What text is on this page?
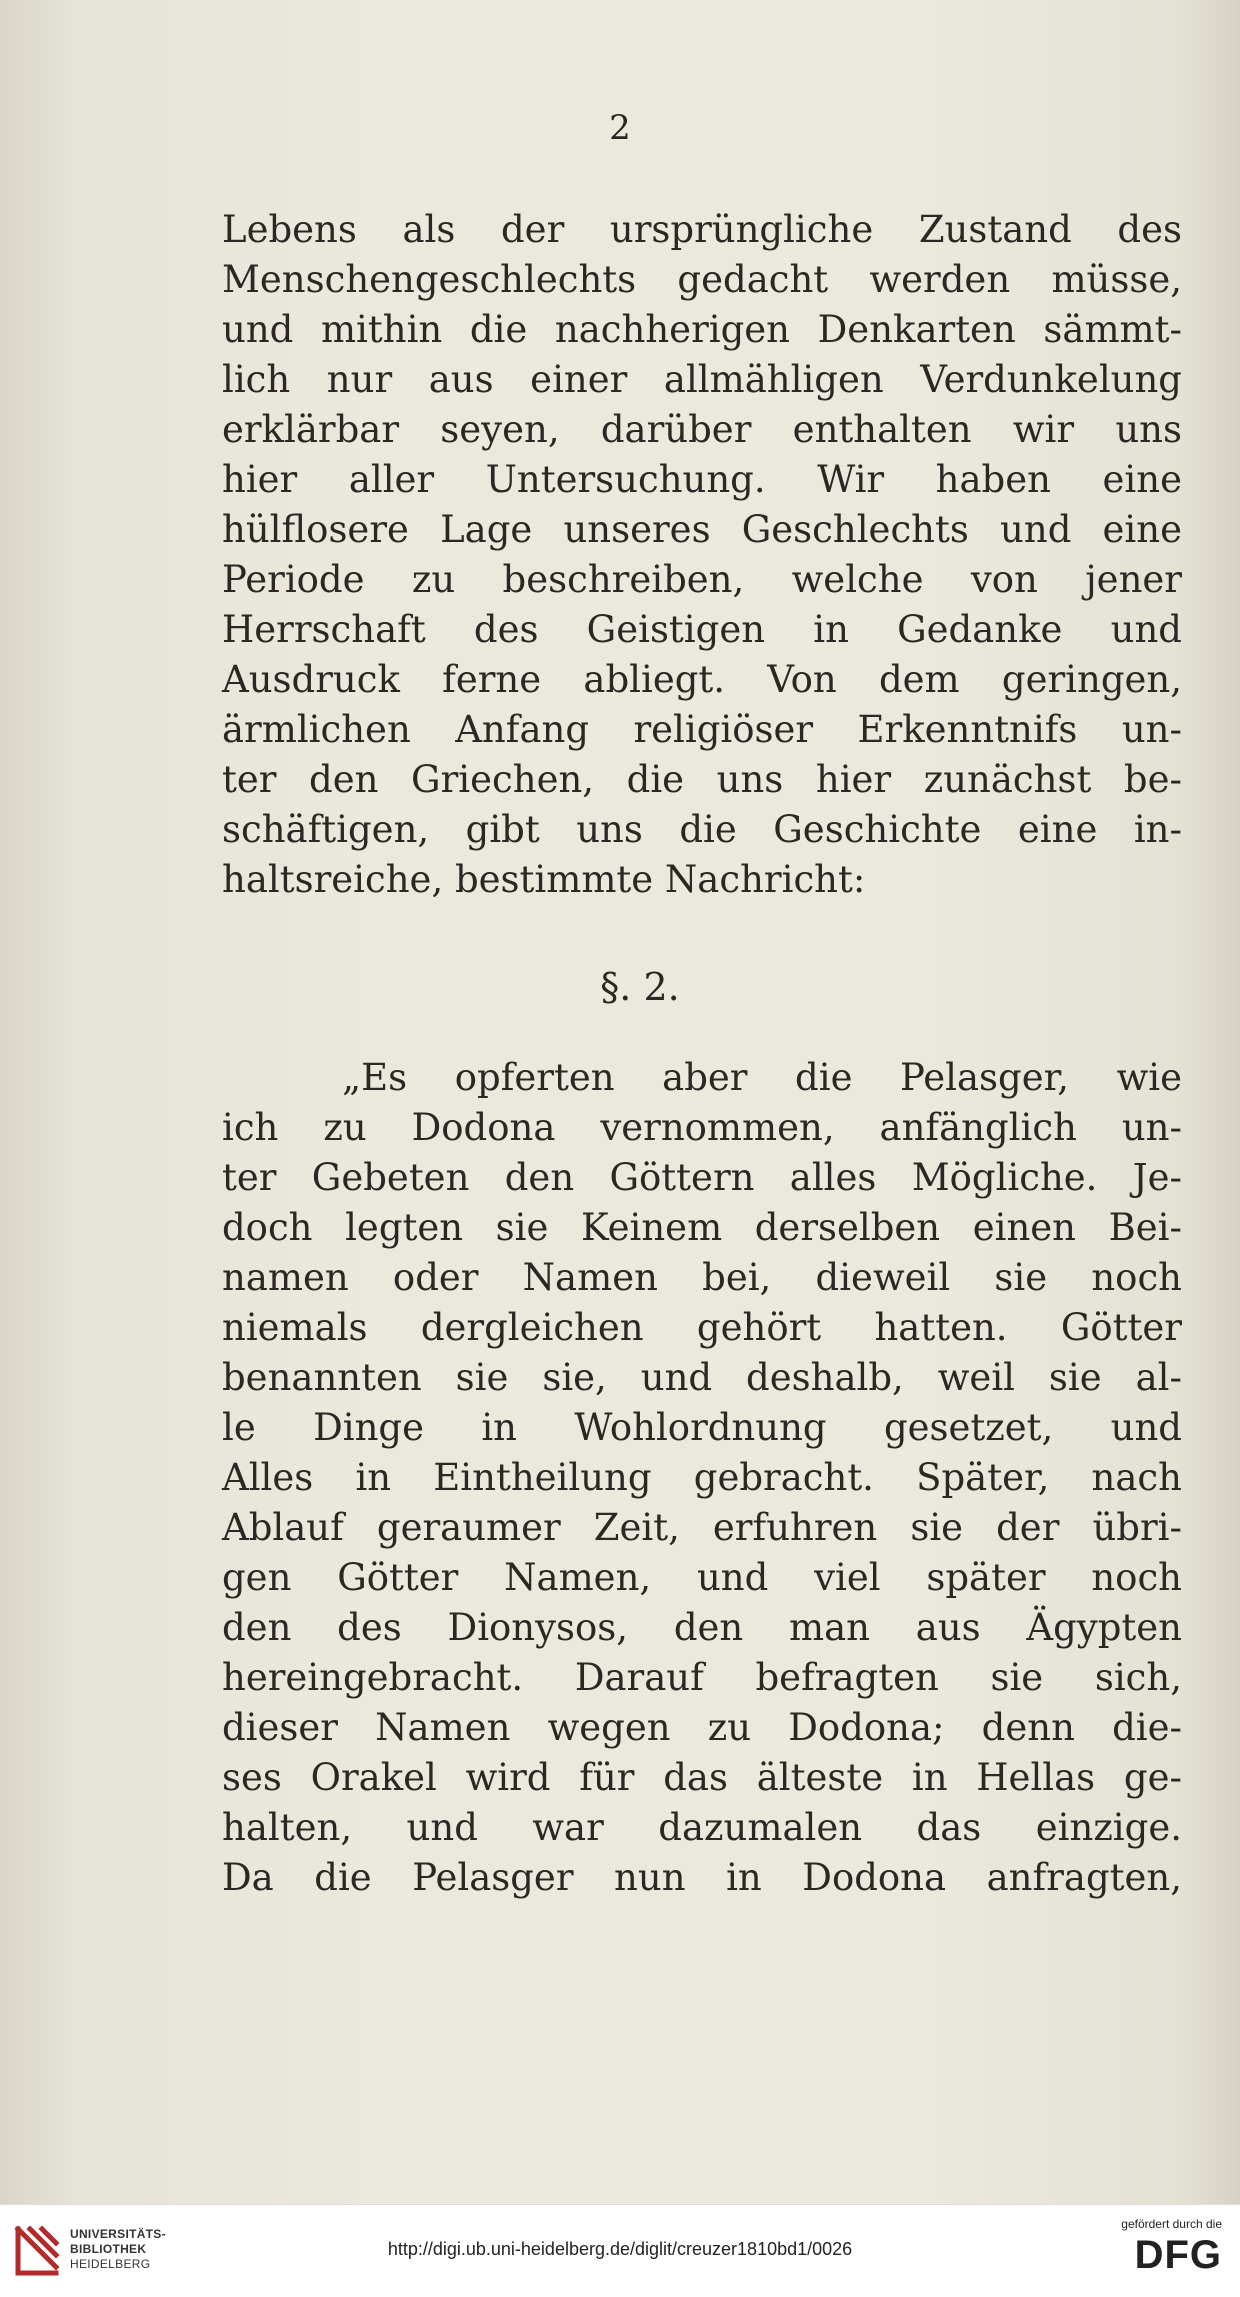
2
Lebens als der ursprüngliche Zustand des
Menschengeschlechts gedacht werden müsse,
und mithin die nachherigen Denkarten sämmt-
lich nur aus einer allmähligen Verdunkelung
erklärbar seyen, darüber enthalten wir uns
hier aller Untersuchung. Wir haben eine
hülflosere Lage unseres Geschlechts und eine
Periode zu beschreiben, welche von jener
Herrschaft des Geistigen in Gedanke und
Ausdruck ferne abliegt. Von dem geringen,
ärmlichen Anfang religiöser Erkenntnifs un-
ter den Griechen, die uns hier zunächst be-
schäftigen, gibt uns die Geschichte eine in-
haltsreiche, bestimmte Nachricht:
§. 2.
„Es opferten aber die Pelasger, wie
ich zu Dodona vernommen, anfänglich un-
ter Gebeten den Göttern alles Mögliche. Je-
doch legten sie Keinem derselben einen Bei-
namen oder Namen bei, dieweil sie noch
niemals dergleichen gehört hatten. Götter
benannten sie sie, und deshalb, weil sie al-
le Dinge in Wohlordnung gesetzet, und
Alles in Eintheilung gebracht. Später, nach
Ablauf geraumer Zeit, erfuhren sie der übri-
gen Götter Namen, und viel später noch
den des Dionysos, den man aus Ägypten
hereingebracht. Darauf befragten sie sich,
dieser Namen wegen zu Dodona; denn die-
ses Orakel wird für das älteste in Hellas ge-
halten, und war dazumalen das einzige.
Da die Pelasger nun in Dodona anfragten,
UNIVERSITÄTS-
BIBLIOTHEK
HEIDELBERG
http://digi.ub.uni-heidelberg.de/diglit/creuzer1810bd1/0026
gefördert durch die
DFG
